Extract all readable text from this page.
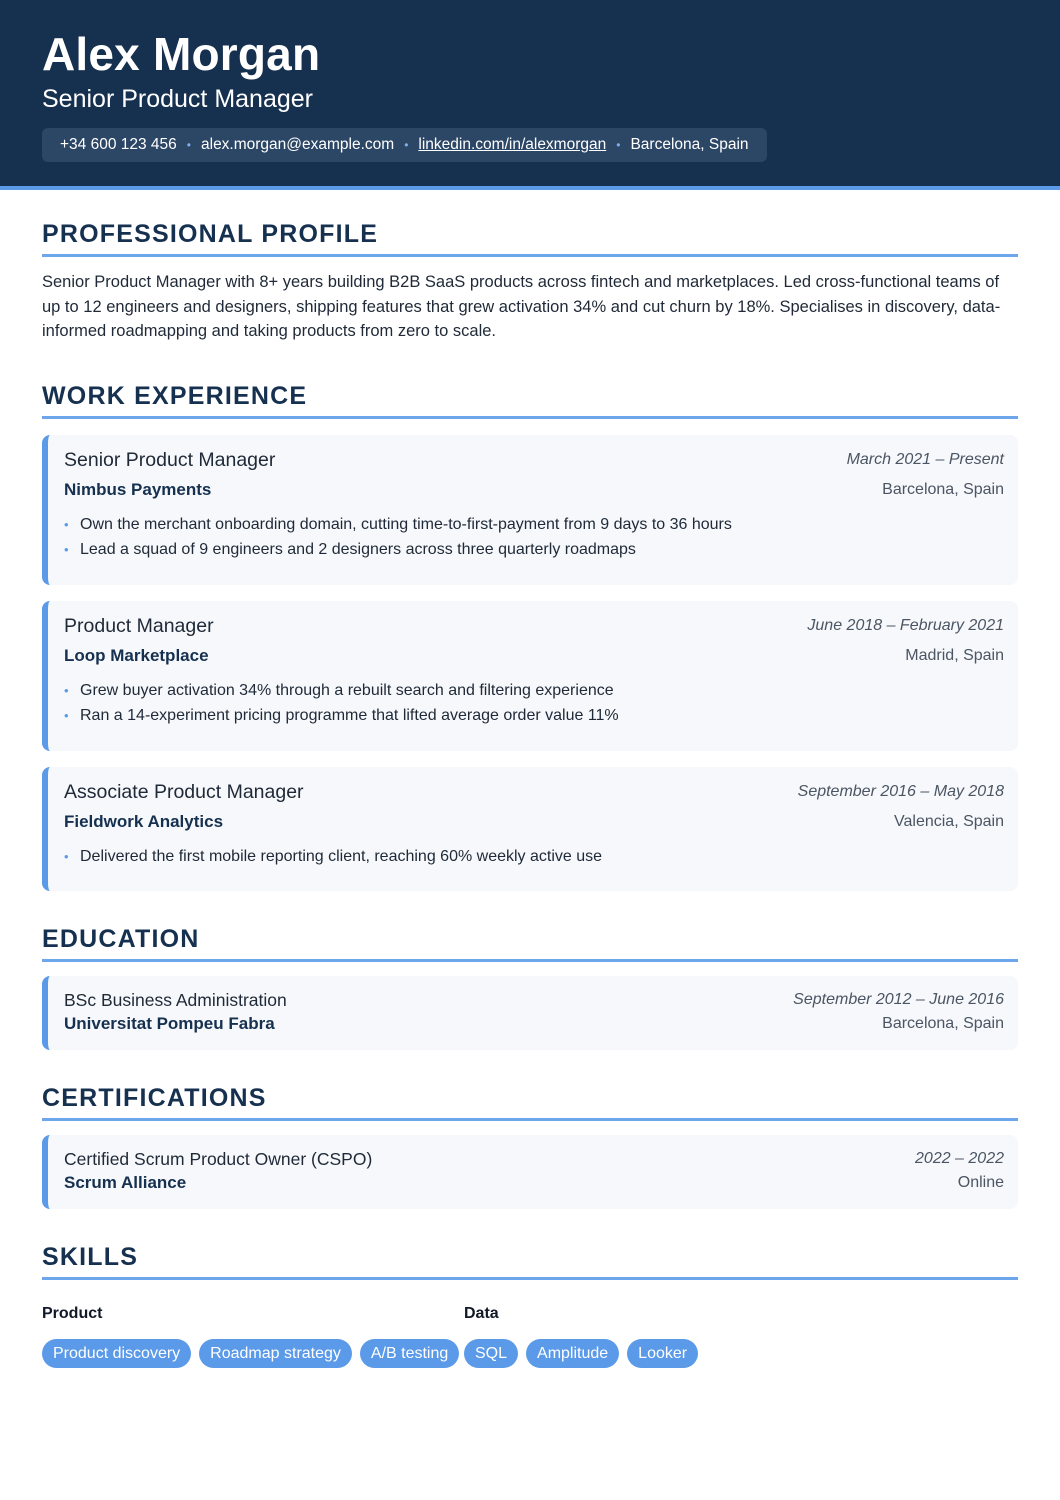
Alex Morgan
Senior Product Manager
+34 600 123 456 • alex.morgan@example.com • linkedin.com/in/alexmorgan • Barcelona, Spain
PROFESSIONAL PROFILE

Senior Product Manager with 8+ years building B2B SaaS products across fintech and marketplaces. Led cross-functional teams of up to 12 engineers and designers, shipping features that grew activation 34% and cut churn by 18%. Specialises in discovery, data-informed roadmapping and taking products from zero to scale.

WORK EXPERIENCE
Senior Product Manager
Nimbus Payments
• Own the merchant onboarding domain, cutting time-to-first-payment from 9 days to 36 hours
• Lead a squad of 9 engineers and 2 designers across three quarterly roadmaps
March 2021 – Present
Barcelona, Spain
Product Manager
Loop Marketplace
• Grew buyer activation 34% through a rebuilt search and filtering experience
• Ran a 14-experiment pricing programme that lifted average order value 11%
June 2018 – February 2021
Madrid, Spain
Associate Product Manager
Fieldwork Analytics
• Delivered the first mobile reporting client, reaching 60% weekly active use
September 2016 – May 2018
Valencia, Spain
EDUCATION
BSc Business Administration
Universitat Pompeu Fabra
September 2012 – June 2016
Barcelona, Spain
CERTIFICATIONS
Certified Scrum Product Owner (CSPO)
Scrum Alliance
2022 – 2022
Online
SKILLS
Product
Product discovery	Roadmap strategy	A/B testing
Data
SQL	Amplitude	Looker
